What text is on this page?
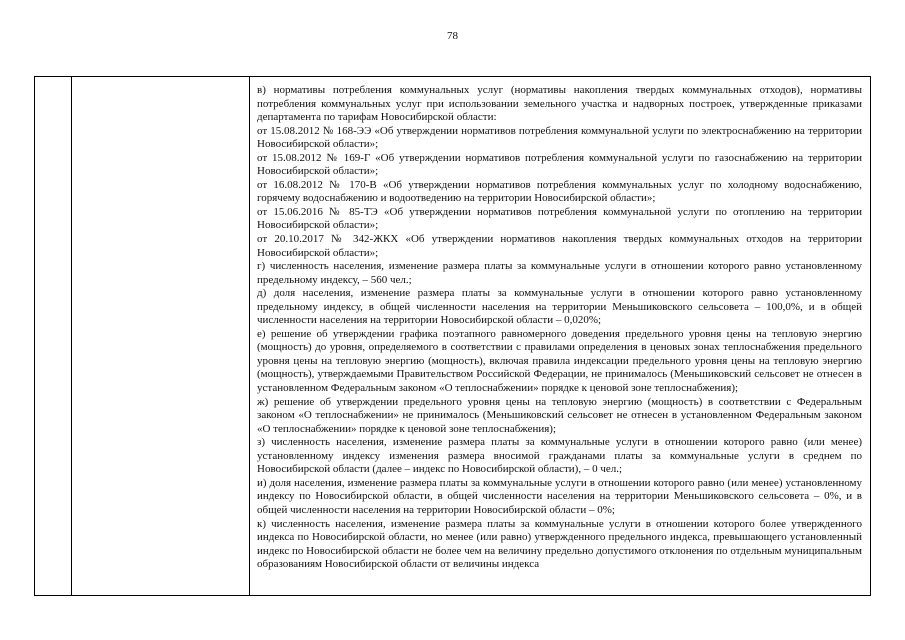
78

в) нормативы потребления коммунальных услуг (нормативы накопления твердых коммунальных отходов), нормативы потребления коммунальных услуг при использовании земельного участка и надворных построек, утвержденные приказами департамента по тарифам Новосибирской области:

от 15.08.2012 № 168-ЭЭ «Об утверждении нормативов потребления коммунальной услуги по электроснабжению на территории Новосибирской области»;

от 15.08.2012 № 169-Г «Об утверждении нормативов потребления коммунальной услуги по газоснабжению на территории Новосибирской области»;

от 16.08.2012 № 170-В «Об утверждении нормативов потребления коммунальных услуг по холодному водоснабжению, горячему водоснабжению и водоотведению на территории Новосибирской области»;

от 15.06.2016 № 85-ТЭ «Об утверждении нормативов потребления коммунальной услуги по отоплению на территории Новосибирской области»;

от 20.10.2017 № 342-ЖКХ «Об утверждении нормативов накопления твердых коммунальных отходов на территории Новосибирской области»;

г) численность населения, изменение размера платы за коммунальные услуги в отношении которого равно установленному предельному индексу, – 560 чел.;

д) доля населения, изменение размера платы за коммунальные услуги в отношении которого равно установленному предельному индексу, в общей численности населения на территории Меньшиковского сельсовета – 100,0%, и в общей численности населения на территории Новосибирской области – 0,020%;

е) решение об утверждении графика поэтапного равномерного доведения предельного уровня цены на тепловую энергию (мощность) до уровня, определяемого в соответствии с правилами определения в ценовых зонах теплоснабжения предельного уровня цены на тепловую энергию (мощность), включая правила индексации предельного уровня цены на тепловую энергию (мощность), утверждаемыми Правительством Российской Федерации, не принималось (Меньшиковский сельсовет не отнесен в установленном Федеральным законом «О теплоснабжении» порядке к ценовой зоне теплоснабжения);

ж) решение об утверждении предельного уровня цены на тепловую энергию (мощность) в соответствии с Федеральным законом «О теплоснабжении» не принималось (Меньшиковский сельсовет не отнесен в установленном Федеральным законом «О теплоснабжении» порядке к ценовой зоне теплоснабжения);

з) численность населения, изменение размера платы за коммунальные услуги в отношении которого равно (или менее) установленному индексу изменения размера вносимой гражданами платы за коммунальные услуги в среднем по Новосибирской области (далее – индекс по Новосибирской области), – 0 чел.;

и) доля населения, изменение размера платы за коммунальные услуги в отношении которого равно (или менее) установленному индексу по Новосибирской области, в общей численности населения на территории Меньшиковского сельсовета – 0%, и в общей численности населения на территории Новосибирской области – 0%;

к) численность населения, изменение размера платы за коммунальные услуги в отношении которого более утвержденного индекса по Новосибирской области, но менее (или равно) утвержденного предельного индекса, превышающего установленный индекс по Новосибирской области не более чем на величину предельно допустимого отклонения по отдельным муниципальным образованиям Новосибирской области от величины индекса
